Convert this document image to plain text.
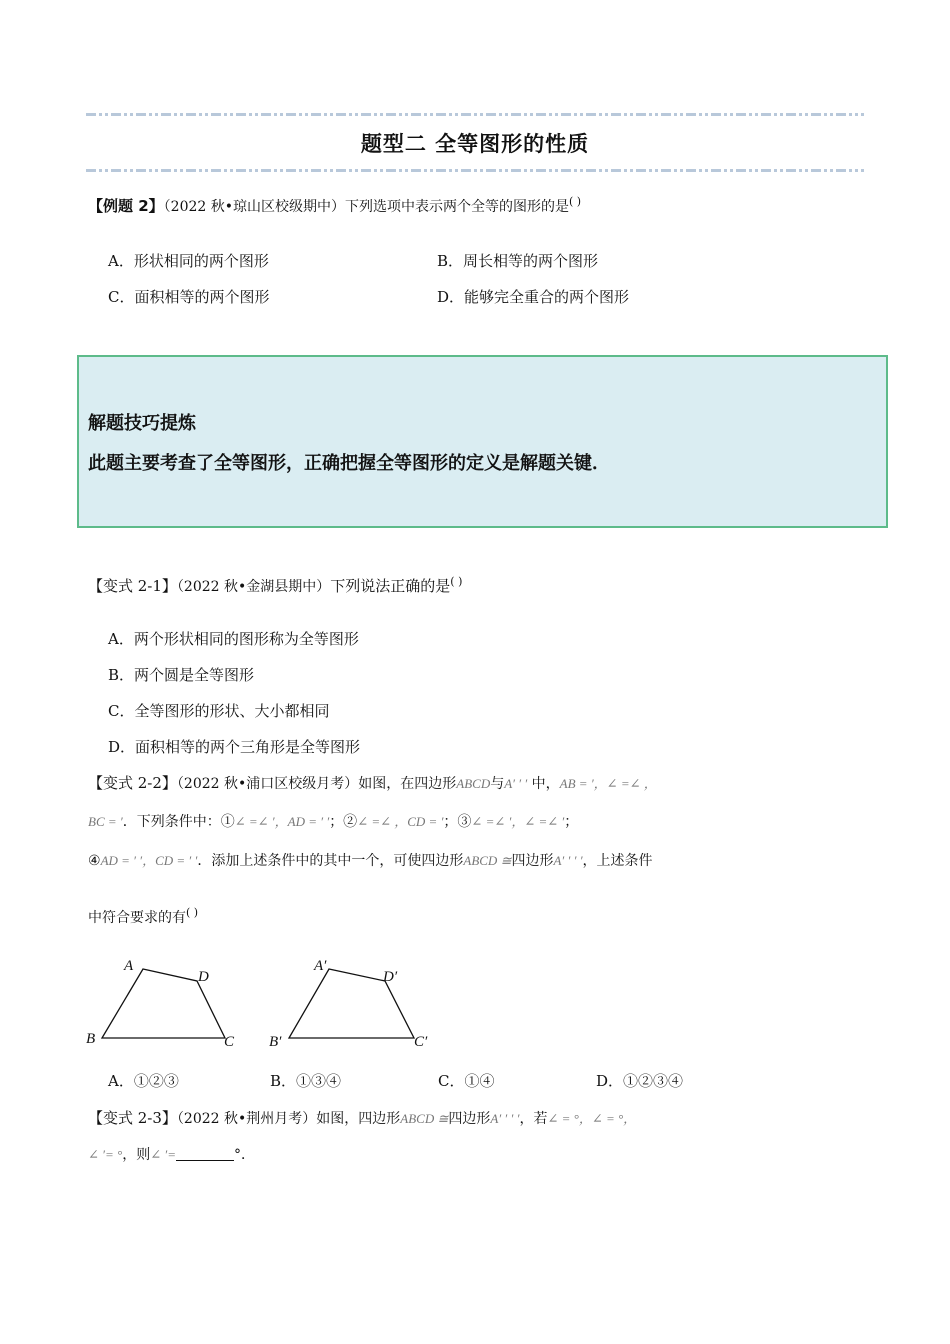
题型二 全等图形的性质
【例题 2】（2022 秋•琼山区校级期中）下列选项中表示两个全等的图形的是( )
A．形状相同的两个图形	B．周长相等的两个图形
C．面积相等的两个图形	D．能够完全重合的两个图形
解题技巧提炼
此题主要考查了全等图形，正确把握全等图形的定义是解题关键．
【变式 2-1】（2022 秋•金湖县期中）下列说法正确的是( )
A．两个形状相同的图形称为全等图形
B．两个圆是全等图形
C．全等图形的形状、大小都相同
D．面积相等的两个三角形是全等图形
【变式 2-2】（2022 秋•浦口区校级月考）如图，在四边形ABCD与A′ ′ ′ 中，AB = ′，∠ =∠ ，
BC = ′．下列条件中：①∠ =∠ ′，AD = ′ ′；②∠ =∠ ，CD = ′；③∠ =∠ ′，∠ =∠ ′；
④AD = ′ ′，CD = ′ ′．添加上述条件中的其中一个，可使四边形ABCD ≅四边形A′ ′ ′ ′，上述条件
中符合要求的有( )
A
D
B	C
A′
D′
B′	C′
A．①②③	B．①③④	C．①④	D．①②③④
【变式 2-3】（2022 秋•荆州月考）如图，四边形ABCD ≅四边形A′ ′ ′ ′，若∠ = °，∠ = °，
∠ ′= °，则∠ ′=	°．
